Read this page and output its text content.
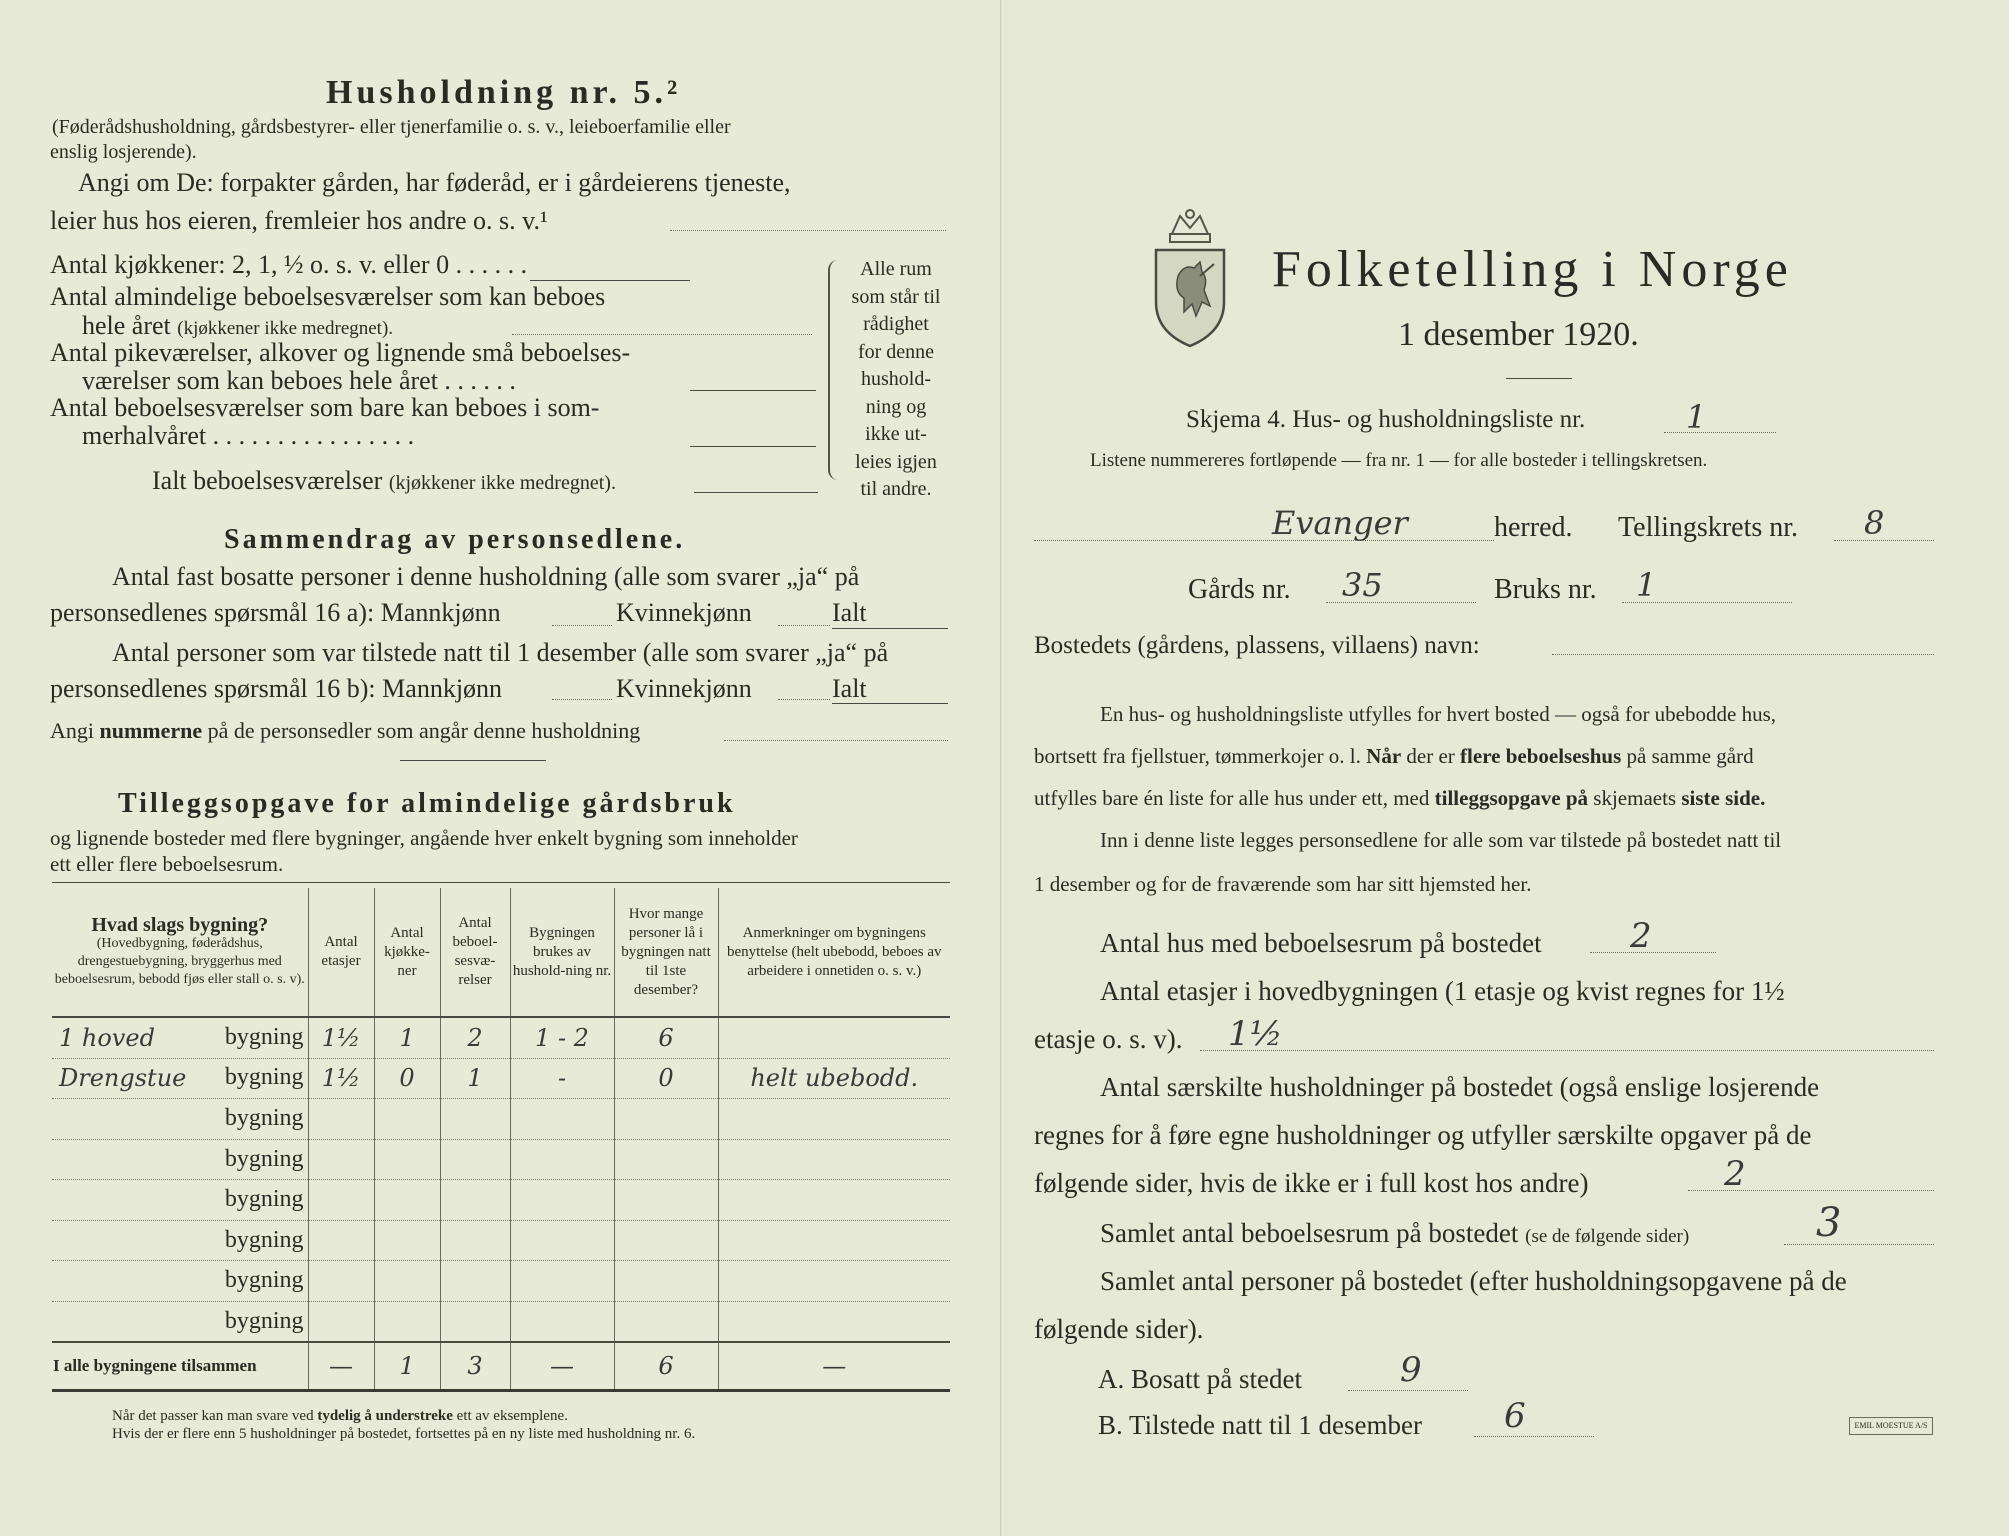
Husholdning nr. 5.²
(Føderådshusholdning, gårdsbestyrer- eller tjenerfamilie o. s. v., leieboerfamilie eller
enslig losjerende).
Angi om De: forpakter gården, har føderåd, er i gårdeierens tjeneste,
leier hus hos eieren, fremleier hos andre o. s. v.¹
Antal kjøkkener: 2, 1, ½ o. s. v. eller 0 . . . . . .
Antal almindelige beboelsesværelser som kan beboes
hele året (kjøkkener ikke medregnet).
Antal pikeværelser, alkover og lignende små beboelses-
værelser som kan beboes hele året . . . . . .
Antal beboelsesværelser som bare kan beboes i som-
merhalvåret . . . . . . . . . . . . . . . .
Ialt beboelsesværelser (kjøkkener ikke medregnet).
Alle rum
som står til
rådighet
for denne
hushold-
ning og
ikke ut-
leies igjen
til andre.
Sammendrag av personsedlene.
Antal fast bosatte personer i denne husholdning (alle som svarer „ja“ på
personsedlenes spørsmål 16 a): Mannkjønn	Kvinnekjønn	Ialt
Antal personer som var tilstede natt til 1 desember (alle som svarer „ja“ på
personsedlenes spørsmål 16 b): Mannkjønn	Kvinnekjønn	Ialt
Angi nummerne på de personsedler som angår denne husholdning
Tilleggsopgave for almindelige gårdsbruk
og lignende bosteder med flere bygninger, angående hver enkelt bygning som inneholder
ett eller flere beboelsesrum.
Hvad slags bygning?
(Hovedbygning, føderådshus, drengestuebygning, bryggerhus med beboelsesrum, bebodd fjøs eller stall o. s. v).	Antal etasjer	Antal kjøkke-ner	Antal beboel-sesvæ-relser	Bygningen brukes av hushold-ning nr.	Hvor mange personer lå i bygningen natt til 1ste desember?	Anmerkninger om bygningens benyttelse (helt ubebodd, beboes av arbeidere i onnetiden o. s. v.)

1 hoved bygning	1½	1	2	1 - 2	6	

Drengstue bygning	1½	0	1	-	0	helt ubebodd.
bygning						
bygning						
bygning						
bygning						
bygning						
bygning						
I alle bygningene tilsammen	—	1	3	—	6	—
Når det passer kan man svare ved tydelig å understreke ett av eksemplene.
Hvis der er flere enn 5 husholdninger på bostedet, fortsettes på en ny liste med husholdning nr. 6.
Folketelling i Norge
1 desember 1920.
Skjema 4. Hus- og husholdningsliste nr.	1
Listene nummereres fortløpende — fra nr. 1 — for alle bosteder i tellingskretsen.
Evanger	herred. Tellingskrets nr. 8
Gårds nr. 35	Bruks nr. 1
Bostedets (gårdens, plassens, villaens) navn:
En hus- og husholdningsliste utfylles for hvert bosted — også for ubebodde hus,
bortsett fra fjellstuer, tømmerkojer o. l. Når der er flere beboelseshus på samme gård
utfylles bare én liste for alle hus under ett, med tilleggsopgave på skjemaets siste side.
Inn i denne liste legges personsedlene for alle som var tilstede på bostedet natt til
1 desember og for de fraværende som har sitt hjemsted her.
Antal hus med beboelsesrum på bostedet	2
Antal etasjer i hovedbygningen (1 etasje og kvist regnes for 1½
etasje o. s. v). 1½
Antal særskilte husholdninger på bostedet (også enslige losjerende
regnes for å føre egne husholdninger og utfyller særskilte opgaver på de
følgende sider, hvis de ikke er i full kost hos andre)	2
Samlet antal beboelsesrum på bostedet (se de følgende sider)	3
Samlet antal personer på bostedet (efter husholdningsopgavene på de
følgende sider).
A. Bosatt på stedet	9
B. Tilstede natt til 1 desember 6	EMIL MOESTUE A/S
